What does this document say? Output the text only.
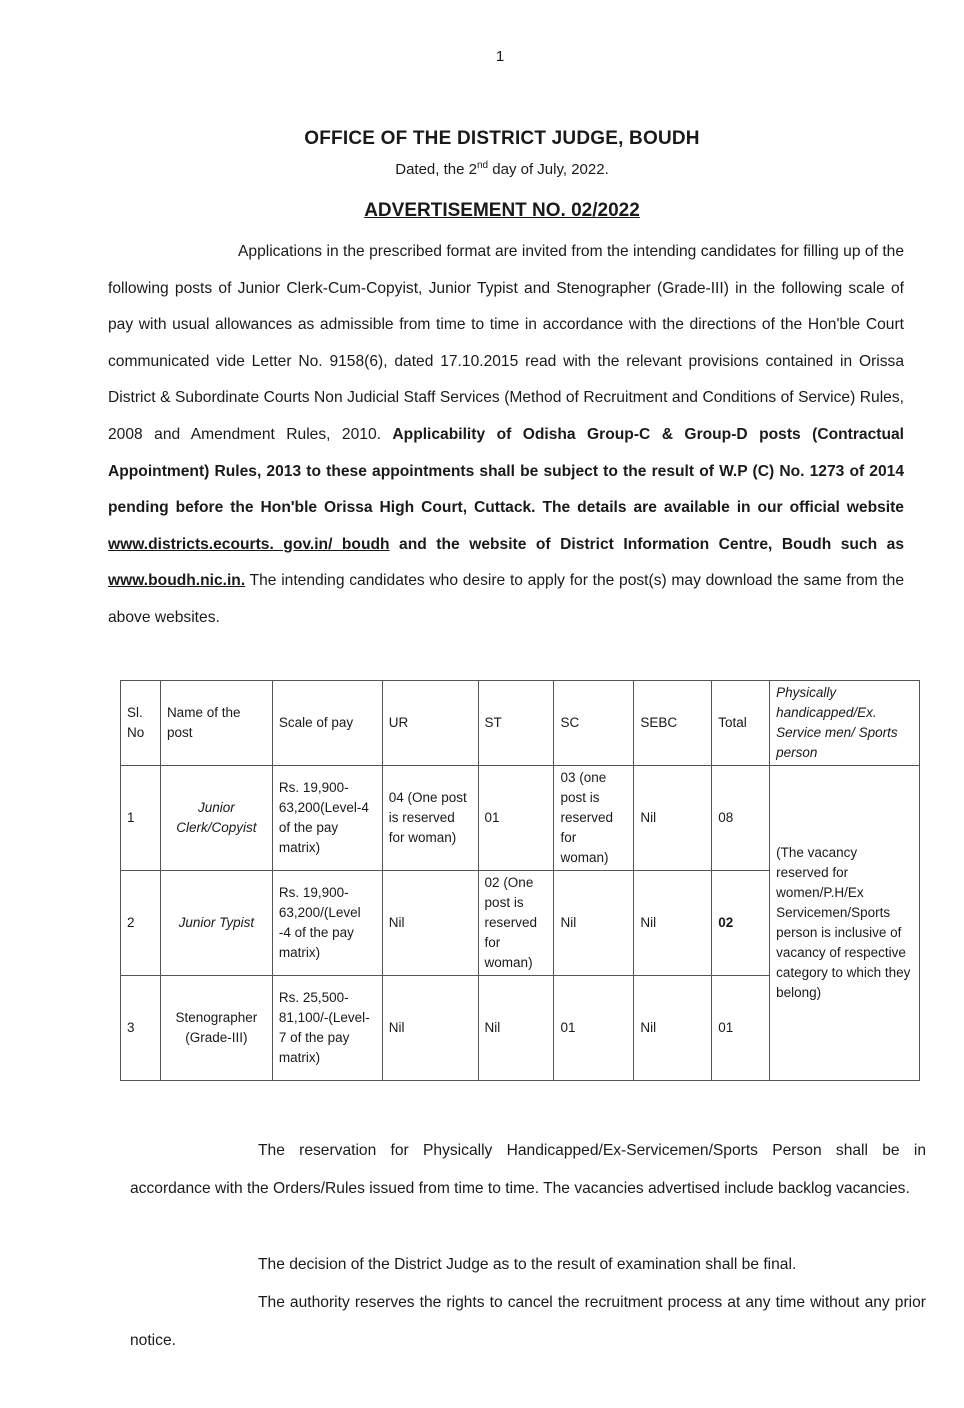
1
OFFICE OF THE DISTRICT JUDGE, BOUDH
Dated, the 2nd day of July, 2022.
ADVERTISEMENT NO. 02/2022
Applications in the prescribed format are invited from the intending candidates for filling up of the following posts of Junior Clerk-Cum-Copyist, Junior Typist and Stenographer (Grade-III) in the following scale of pay with usual allowances as admissible from time to time in accordance with the directions of the Hon'ble Court communicated vide Letter No. 9158(6), dated 17.10.2015 read with the relevant provisions contained in Orissa District & Subordinate Courts Non Judicial Staff Services (Method of Recruitment and Conditions of Service) Rules, 2008 and Amendment Rules, 2010. Applicability of Odisha Group-C & Group-D posts (Contractual Appointment) Rules, 2013 to these appointments shall be subject to the result of W.P (C) No. 1273 of 2014 pending before the Hon'ble Orissa High Court, Cuttack. The details are available in our official website www.districts.ecourts. gov.in/ boudh and the website of District Information Centre, Boudh such as www.boudh.nic.in. The intending candidates who desire to apply for the post(s) may download the same from the above websites.
Sl. No	Name of the post	Scale of pay	UR	ST	SC	SEBC	Total	Physically handicapped/Ex. Service men/ Sports person
1	Junior Clerk/Copyist	Rs. 19,900-63,200(Level-4 of the pay matrix)	04 (One post is reserved for woman)	01	03 (one post is reserved for woman)	Nil	08	(The vacancy reserved for women/P.H/Ex Servicemen/Sports person is inclusive of vacancy of respective category to which they belong)
2	Junior Typist	Rs. 19,900-63,200/(Level -4 of the pay matrix)	Nil	02 (One post is reserved for woman)	Nil	Nil	02	
3	Stenographer (Grade-III)	Rs. 25,500-81,100/-(Level-7 of the pay matrix)	Nil	Nil	01	Nil	01	
The reservation for Physically Handicapped/Ex-Servicemen/Sports Person shall be in accordance with the Orders/Rules issued from time to time. The vacancies advertised include backlog vacancies.
The decision of the District Judge as to the result of examination shall be final.
The authority reserves the rights to cancel the recruitment process at any time without any prior notice.
